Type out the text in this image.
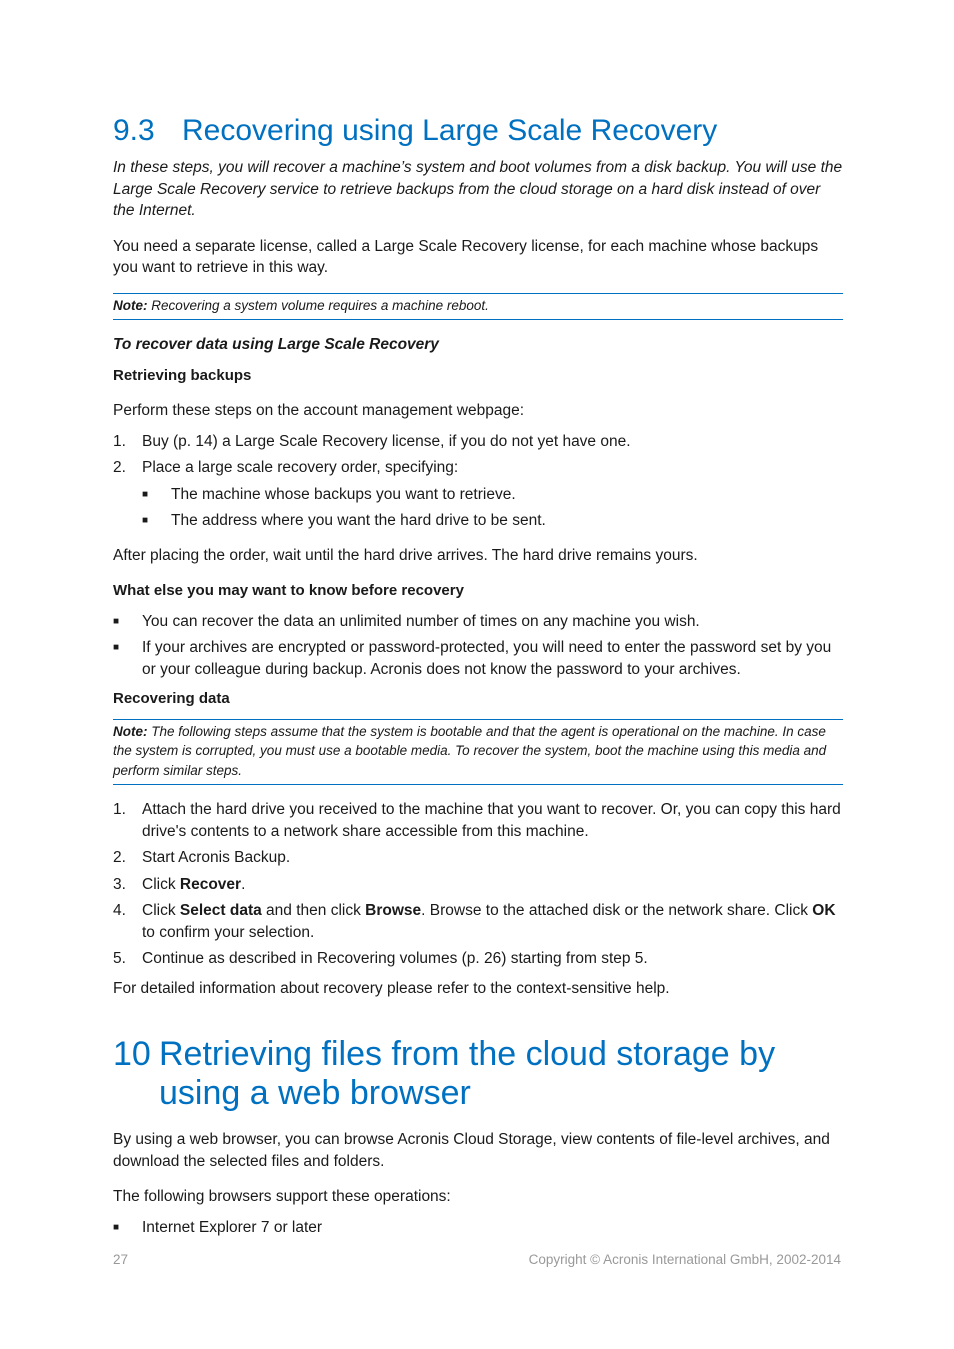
9.3 Recovering using Large Scale Recovery

In these steps, you will recover a machine’s system and boot volumes from a disk backup. You will use the Large Scale Recovery service to retrieve backups from the cloud storage on a hard disk instead of over the Internet.

You need a separate license, called a Large Scale Recovery license, for each machine whose backups you want to retrieve in this way.

Note: Recovering a system volume requires a machine reboot.

To recover data using Large Scale Recovery

Retrieving backups

Perform these steps on the account management webpage:

1.	Buy (p. 14) a Large Scale Recovery license, if you do not yet have one.
2.	Place a large scale recovery order, specifying:
■	The machine whose backups you want to retrieve.
■	The address where you want the hard drive to be sent.

After placing the order, wait until the hard drive arrives. The hard drive remains yours.

What else you may want to know before recovery

■	You can recover the data an unlimited number of times on any machine you wish.
■	If your archives are encrypted or password-protected, you will need to enter the password set by you or your colleague during backup. Acronis does not know the password to your archives.

Recovering data

Note: The following steps assume that the system is bootable and that the agent is operational on the machine. In case the system is corrupted, you must use a bootable media. To recover the system, boot the machine using this media and perform similar steps.
1.	Attach the hard drive you received to the machine that you want to recover. Or, you can copy this hard drive's contents to a network share accessible from this machine.
2.	Start Acronis Backup.
3.	Click Recover.
4.	Click Select data and then click Browse. Browse to the attached disk or the network share. Click OK to confirm your selection.
5.	Continue as described in Recovering volumes (p. 26) starting from step 5.

For detailed information about recovery please refer to the context-sensitive help.

10 Retrieving files from the cloud storage by using a web browser

By using a web browser, you can browse Acronis Cloud Storage, view contents of file-level archives, and download the selected files and folders.

The following browsers support these operations:

■	Internet Explorer 7 or later
27	Copyright © Acronis International GmbH, 2002-2014
